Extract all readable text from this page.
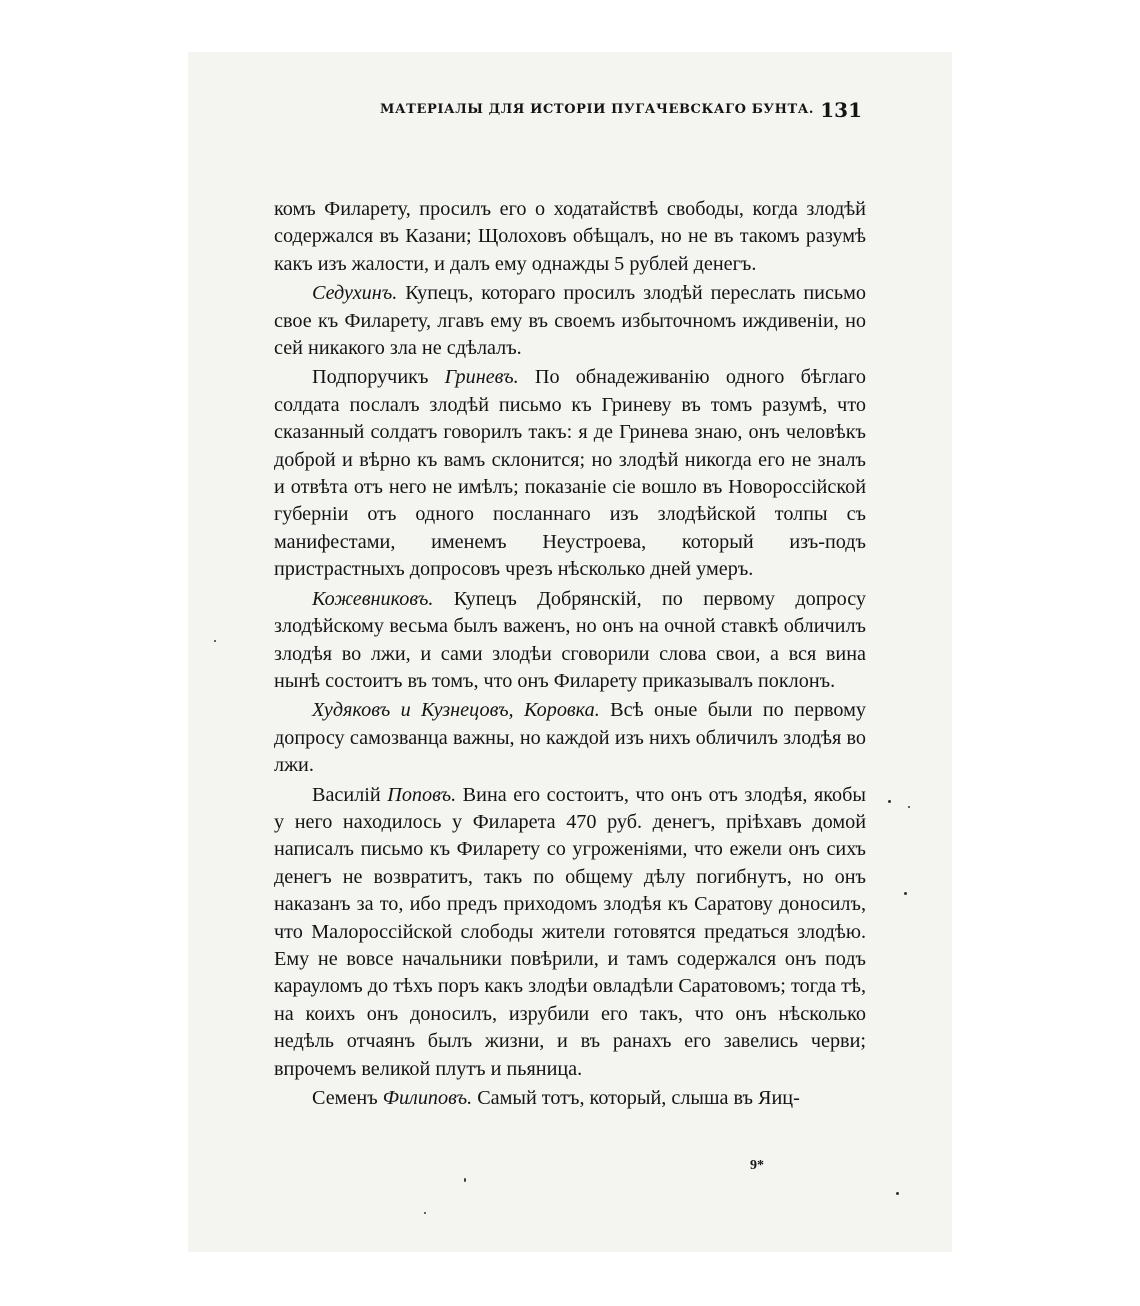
МАТЕРІАЛЫ ДЛЯ ИСТОРІИ ПУГАЧЕВСКАГО БУНТА. 131

комъ Филарету, просилъ его о ходатайствѣ свободы, когда злодѣй содержался въ Казани; Щолоховъ обѣщалъ, но не въ такомъ разумѣ какъ изъ жалости, и далъ ему однажды 5 рублей денегъ.

Седухинъ. Купецъ, котораго просилъ злодѣй переслать письмо свое къ Филарету, лгавъ ему въ своемъ избыточномъ иждивеніи, но сей никакого зла не сдѣлалъ.

Подпоручикъ Гриневъ. По обнадеживанію одного бѣглаго солдата послалъ злодѣй письмо къ Гриневу въ томъ разумѣ, что сказанный солдатъ говорилъ такъ: я де Гринева знаю, онъ человѣкъ доброй и вѣрно къ вамъ склонится; но злодѣй никогда его не зналъ и отвѣта отъ него не имѣлъ; показаніе сіе вошло въ Новороссійской губерніи отъ одного посланнаго изъ злодѣйской толпы съ манифестами, именемъ Неустроева, который изъ-подъ пристрастныхъ допросовъ чрезъ нѣсколько дней умеръ.

Кожевниковъ. Купецъ Добрянскій, по первому допросу злодѣйскому весьма былъ важенъ, но онъ на очной ставкѣ обличилъ злодѣя во лжи, и сами злодѣи сговорили слова свои, а вся вина нынѣ состоитъ въ томъ, что онъ Филарету приказывалъ поклонъ.

Худяковъ и Кузнецовъ, Коровка. Всѣ оные были по первому допросу самозванца важны, но каждой изъ нихъ обличилъ злодѣя во лжи.

Василій Поповъ. Вина его состоитъ, что онъ отъ злодѣя, якобы у него находилось у Филарета 470 руб. денегъ, пріѣхавъ домой написалъ письмо къ Филарету со угроженіями, что ежели онъ сихъ денегъ не возвратитъ, такъ по общему дѣлу погибнутъ, но онъ наказанъ за то, ибо предъ приходомъ злодѣя къ Саратову доносилъ, что Малороссійской слободы жители готовятся предаться злодѣю. Ему не вовсе начальники повѣрили, и тамъ содержался онъ подъ карауломъ до тѣхъ поръ какъ злодѣи овладѣли Саратовомъ; тогда тѣ, на коихъ онъ доносилъ, изрубили его такъ, что онъ нѣсколько недѣль отчаянъ былъ жизни, и въ ранахъ его завелись черви; впрочемъ великой плутъ и пьяница.

Семенъ Филиповъ. Самый тотъ, который, слыша въ Яиц-

9*
